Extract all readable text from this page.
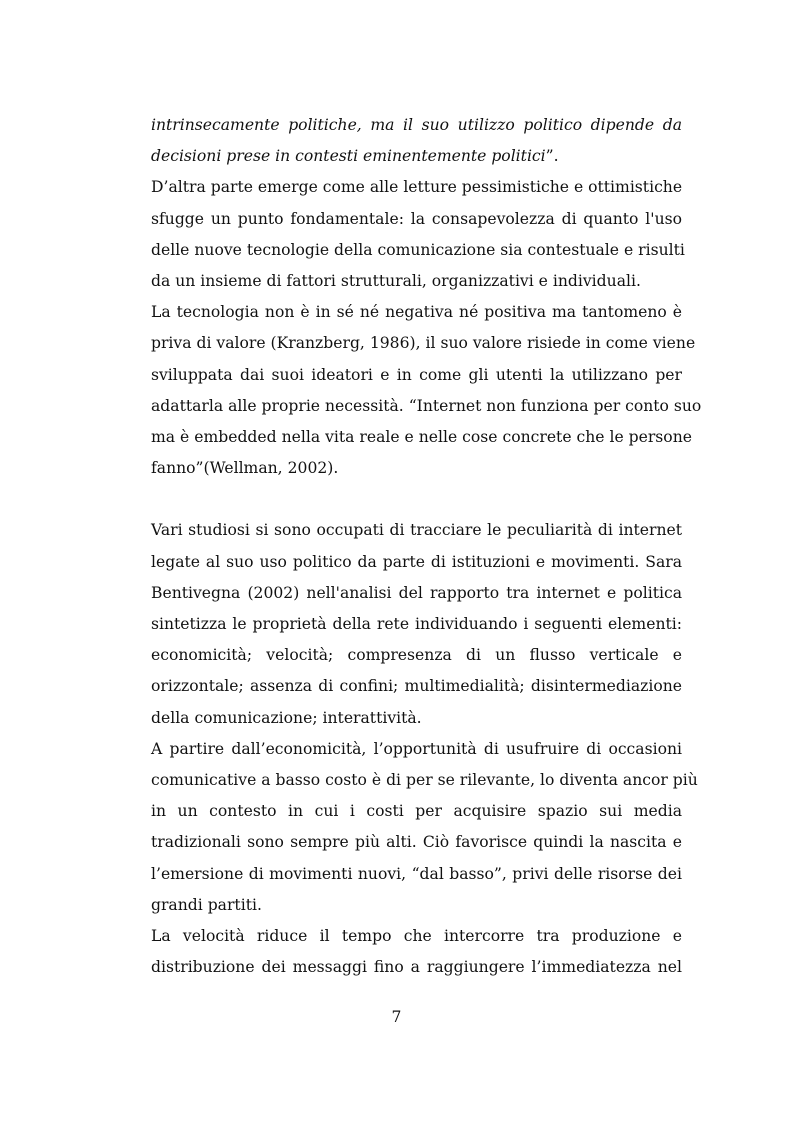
intrinsecamente politiche, ma il suo utilizzo politico dipende da
decisioni prese in contesti eminentemente politici”.
D’altra parte emerge come alle letture pessimistiche e ottimistiche
sfugge un punto fondamentale: la consapevolezza di quanto l'uso
delle nuove tecnologie della comunicazione sia contestuale e risulti
da un insieme di fattori strutturali, organizzativi e individuali.
La tecnologia non è in sé né negativa né positiva ma tantomeno è
priva di valore (Kranzberg, 1986), il suo valore risiede in come viene
sviluppata dai suoi ideatori e in come gli utenti la utilizzano per
adattarla alle proprie necessità. “Internet non funziona per conto suo
ma è embedded nella vita reale e nelle cose concrete che le persone
fanno”(Wellman, 2002).
Vari studiosi si sono occupati di tracciare le peculiarità di internet
legate al suo uso politico da parte di istituzioni e movimenti. Sara
Bentivegna (2002) nell'analisi del rapporto tra internet e politica
sintetizza le proprietà della rete individuando i seguenti elementi:
economicità; velocità; compresenza di un flusso verticale e
orizzontale; assenza di confini; multimedialità; disintermediazione
della comunicazione; interattività.
A partire dall’economicità, l’opportunità di usufruire di occasioni
comunicative a basso costo è di per se rilevante, lo diventa ancor più
in un contesto in cui i costi per acquisire spazio sui media
tradizionali sono sempre più alti. Ciò favorisce quindi la nascita e
l’emersione di movimenti nuovi, “dal basso”, privi delle risorse dei
grandi partiti.
La velocità riduce il tempo che intercorre tra produzione e
distribuzione dei messaggi fino a raggiungere l’immediatezza nel
7
